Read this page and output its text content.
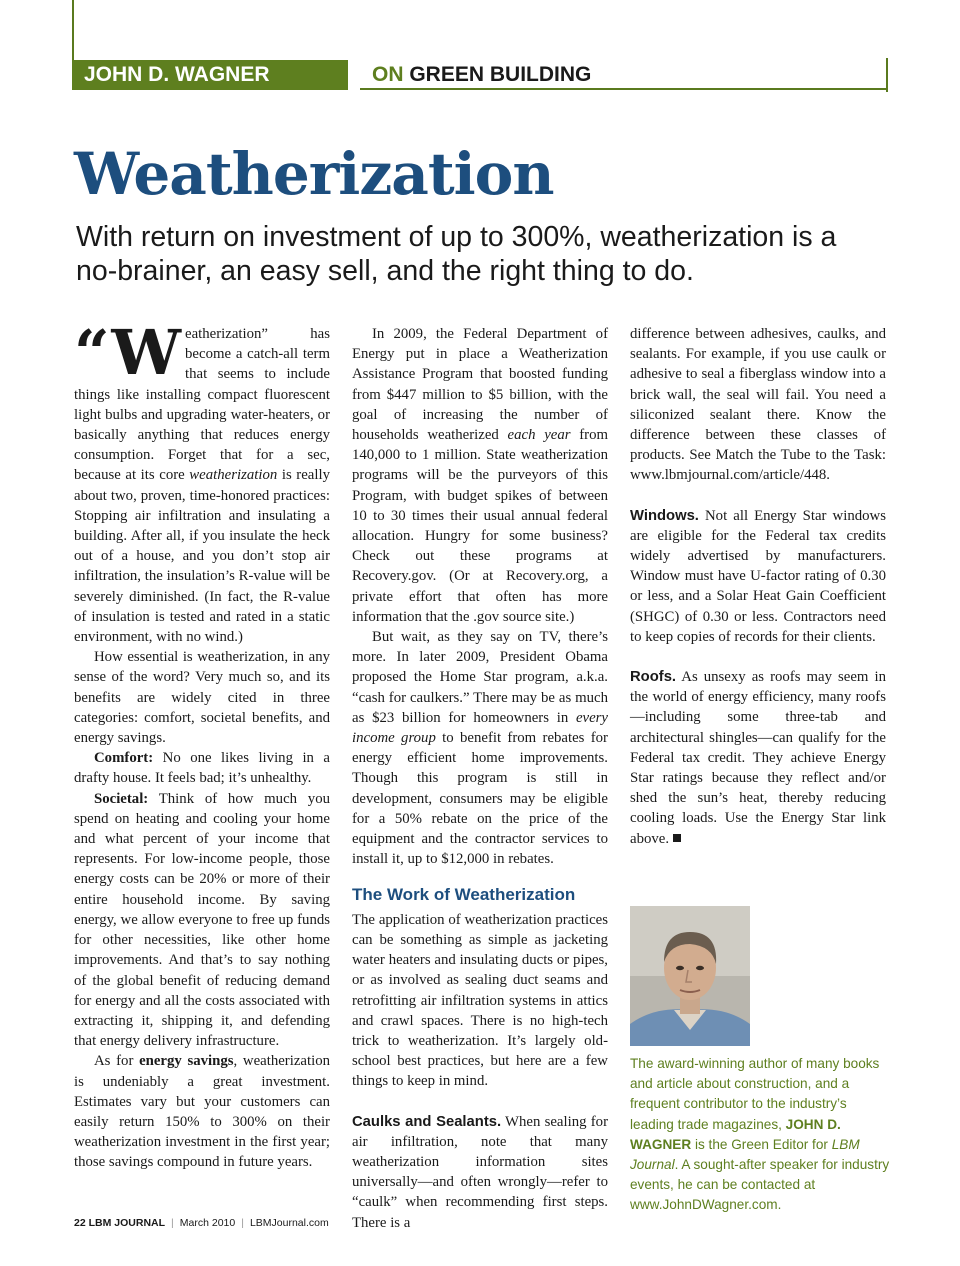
JOHN D. WAGNER	ON GREEN BUILDING
Weatherization

With return on investment of up to 300%, weatherization is a no-brainer, an easy sell, and the right thing to do.

“Weatherization” has become a catch-all term that seems to include things like installing compact fluorescent light bulbs and upgrading water-heaters, or basically anything that reduces energy consumption. Forget that for a sec, because at its core weatherization is really about two, proven, time-honored practices: Stopping air infiltration and insulating a building. After all, if you insulate the heck out of a house, and you don’t stop air infiltration, the insulation’s R-value will be severely diminished. (In fact, the R-value of insulation is tested and rated in a static environment, with no wind.)

How essential is weatherization, in any sense of the word? Very much so, and its benefits are widely cited in three categories: comfort, societal benefits, and energy savings.

Comfort: No one likes living in a drafty house. It feels bad; it’s unhealthy.

Societal: Think of how much you spend on heating and cooling your home and what percent of your income that represents. For low-income people, those energy costs can be 20% or more of their entire household income. By saving energy, we allow everyone to free up funds for other necessities, like other home improvements. And that’s to say nothing of the global benefit of reducing demand for energy and all the costs associated with extracting it, shipping it, and defending that energy delivery infrastructure.

As for energy savings, weatherization is undeniably a great investment. Estimates vary but your customers can easily return 150% to 300% on their weatherization investment in the first year; those savings compound in future years.

In 2009, the Federal Department of Energy put in place a Weatherization Assistance Program that boosted funding from $447 million to $5 billion, with the goal of increasing the number of households weatherized each year from 140,000 to 1 million. State weatherization programs will be the purveyors of this Program, with budget spikes of between 10 to 30 times their usual annual federal allocation. Hungry for some business? Check out these programs at Recovery.gov. (Or at Recovery.org, a private effort that often has more information that the .gov source site.)

But wait, as they say on TV, there’s more. In later 2009, President Obama proposed the Home Star program, a.k.a. “cash for caulkers.” There may be as much as $23 billion for homeowners in every income group to benefit from rebates for energy efficient home improvements. Though this program is still in development, consumers may be eligible for a 50% rebate on the price of the equipment and the contractor services to install it, up to $12,000 in rebates.

The Work of Weatherization

The application of weatherization practices can be something as simple as jacketing water heaters and insulating ducts or pipes, or as involved as sealing duct seams and retrofitting air infiltration systems in attics and crawl spaces. There is no high-tech trick to weatherization. It’s largely old-school best practices, but here are a few things to keep in mind.

Caulks and Sealants. When sealing for air infiltration, note that many weatherization information sites universally—and often wrongly—refer to “caulk” when recommending first steps. There is a

difference between adhesives, caulks, and sealants. For example, if you use caulk or adhesive to seal a fiberglass window into a brick wall, the seal will fail. You need a siliconized sealant there. Know the difference between these classes of products. See Match the Tube to the Task: www.lbmjournal.com/article/448.

Windows. Not all Energy Star windows are eligible for the Federal tax credits widely advertised by manufacturers. Window must have U-factor rating of 0.30 or less, and a Solar Heat Gain Coefficient (SHGC) of 0.30 or less. Contractors need to keep copies of records for their clients.

Roofs. As unsexy as roofs may seem in the world of energy efficiency, many roofs—including some three-tab and architectural shingles—can qualify for the Federal tax credit. They achieve Energy Star ratings because they reflect and/or shed the sun’s heat, thereby reducing cooling loads. Use the Energy Star link above.

The award-winning author of many books and article about construction, and a frequent contributor to the industry’s leading trade magazines, JOHN D. WAGNER is the Green Editor for LBM Journal. A sought-after speaker for industry events, he can be contacted at www.JohnDWagner.com.
22 LBM JOURNAL | March 2010 | LBMJournal.com
